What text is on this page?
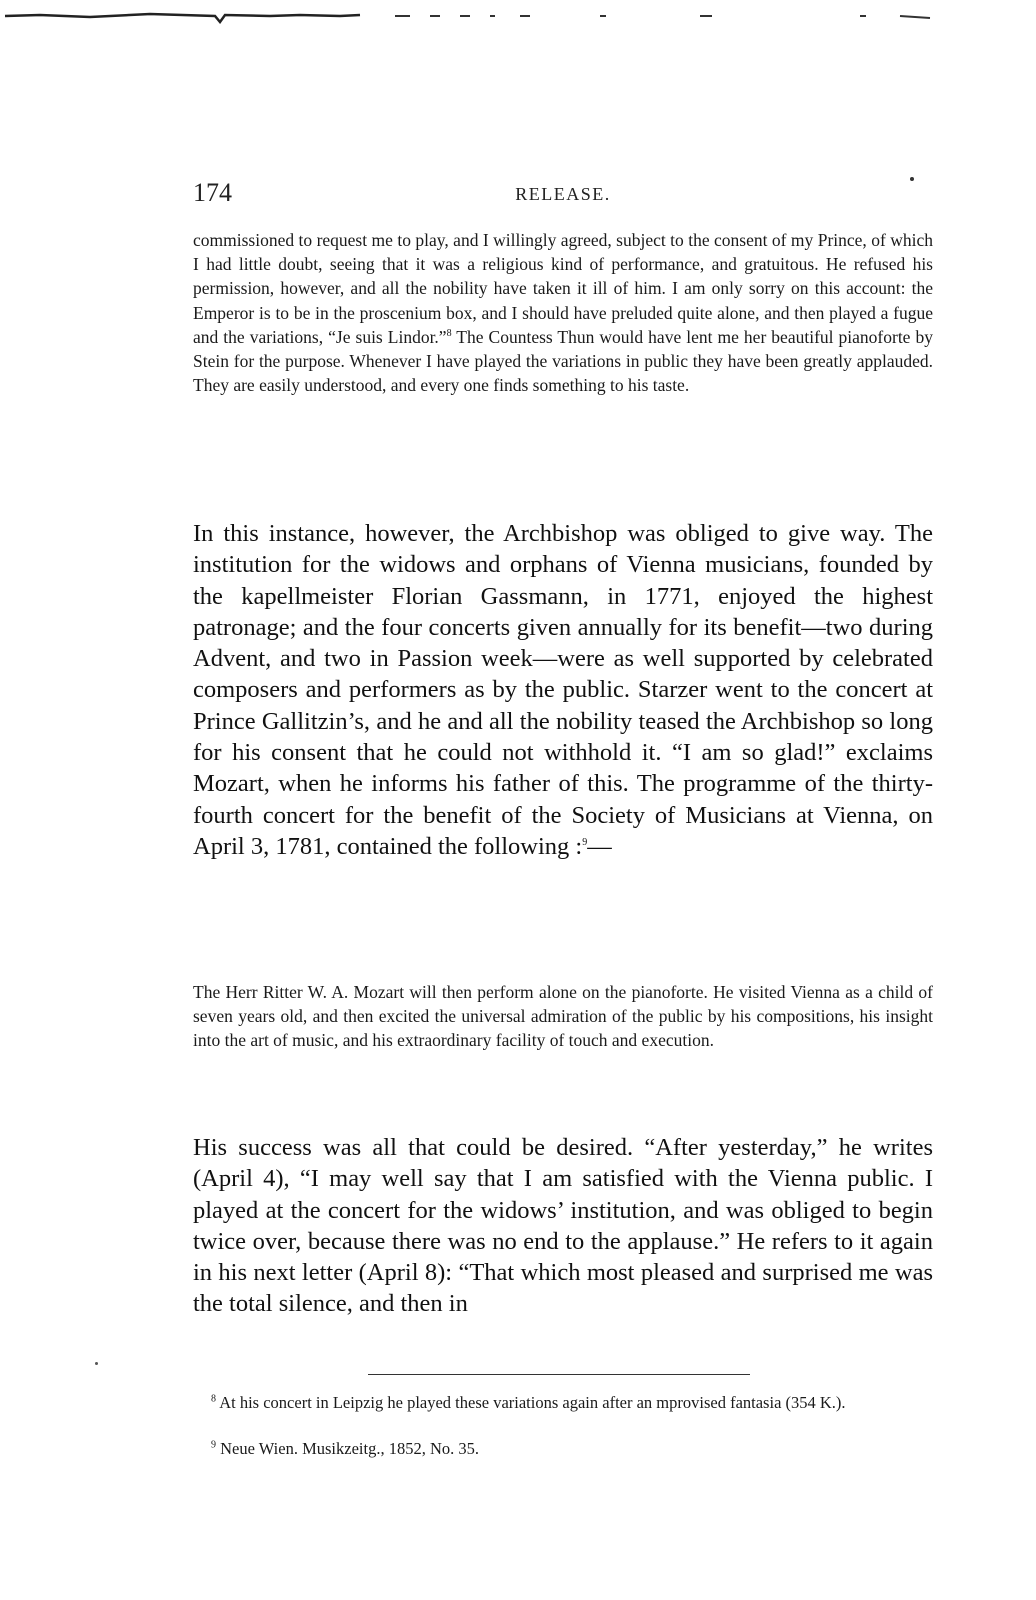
174	RELEASE.

commissioned to request me to play, and I willingly agreed, subject to the consent of my Prince, of which I had little doubt, seeing that it was a religious kind of performance, and gratuitous. He refused his permission, however, and all the nobility have taken it ill of him. I am only sorry on this account: the Emperor is to be in the proscenium box, and I should have preluded quite alone, and then played a fugue and the variations, “Je suis Lindor.”$^8$ The Countess Thun would have lent me her beautiful pianoforte by Stein for the purpose. Whenever I have played the variations in public they have been greatly applauded. They are easily understood, and every one finds something to his taste.

In this instance, however, the Archbishop was obliged to give way. The institution for the widows and orphans of Vienna musicians, founded by the kapellmeister Florian Gassmann, in 1771, enjoyed the highest patronage; and the four concerts given annually for its benefit—two during Advent, and two in Passion week—were as well supported by celebrated composers and performers as by the public. Starzer went to the concert at Prince Gallitzin’s, and he and all the nobility teased the Archbishop so long for his consent that he could not withhold it. “I am so glad!” exclaims Mozart, when he informs his father of this. The programme of the thirty-fourth concert for the benefit of the Society of Musicians at Vienna, on April 3, 1781, contained the following :$^9$—

The Herr Ritter W. A. Mozart will then perform alone on the pianoforte. He visited Vienna as a child of seven years old, and then excited the universal admiration of the public by his compositions, his insight into the art of music, and his extraordinary facility of touch and execution.

His success was all that could be desired. “After yesterday,” he writes (April 4), “I may well say that I am satisfied with the Vienna public. I played at the concert for the widows’ institution, and was obliged to begin twice over, because there was no end to the applause.” He refers to it again in his next letter (April 8): “That which most pleased and surprised me was the total silence, and then in

$^8$ At his concert in Leipzig he played these variations again after an mprovised fantasia (354 K.).

$^9$ Neue Wien. Musikzeitg., 1852, No. 35.
